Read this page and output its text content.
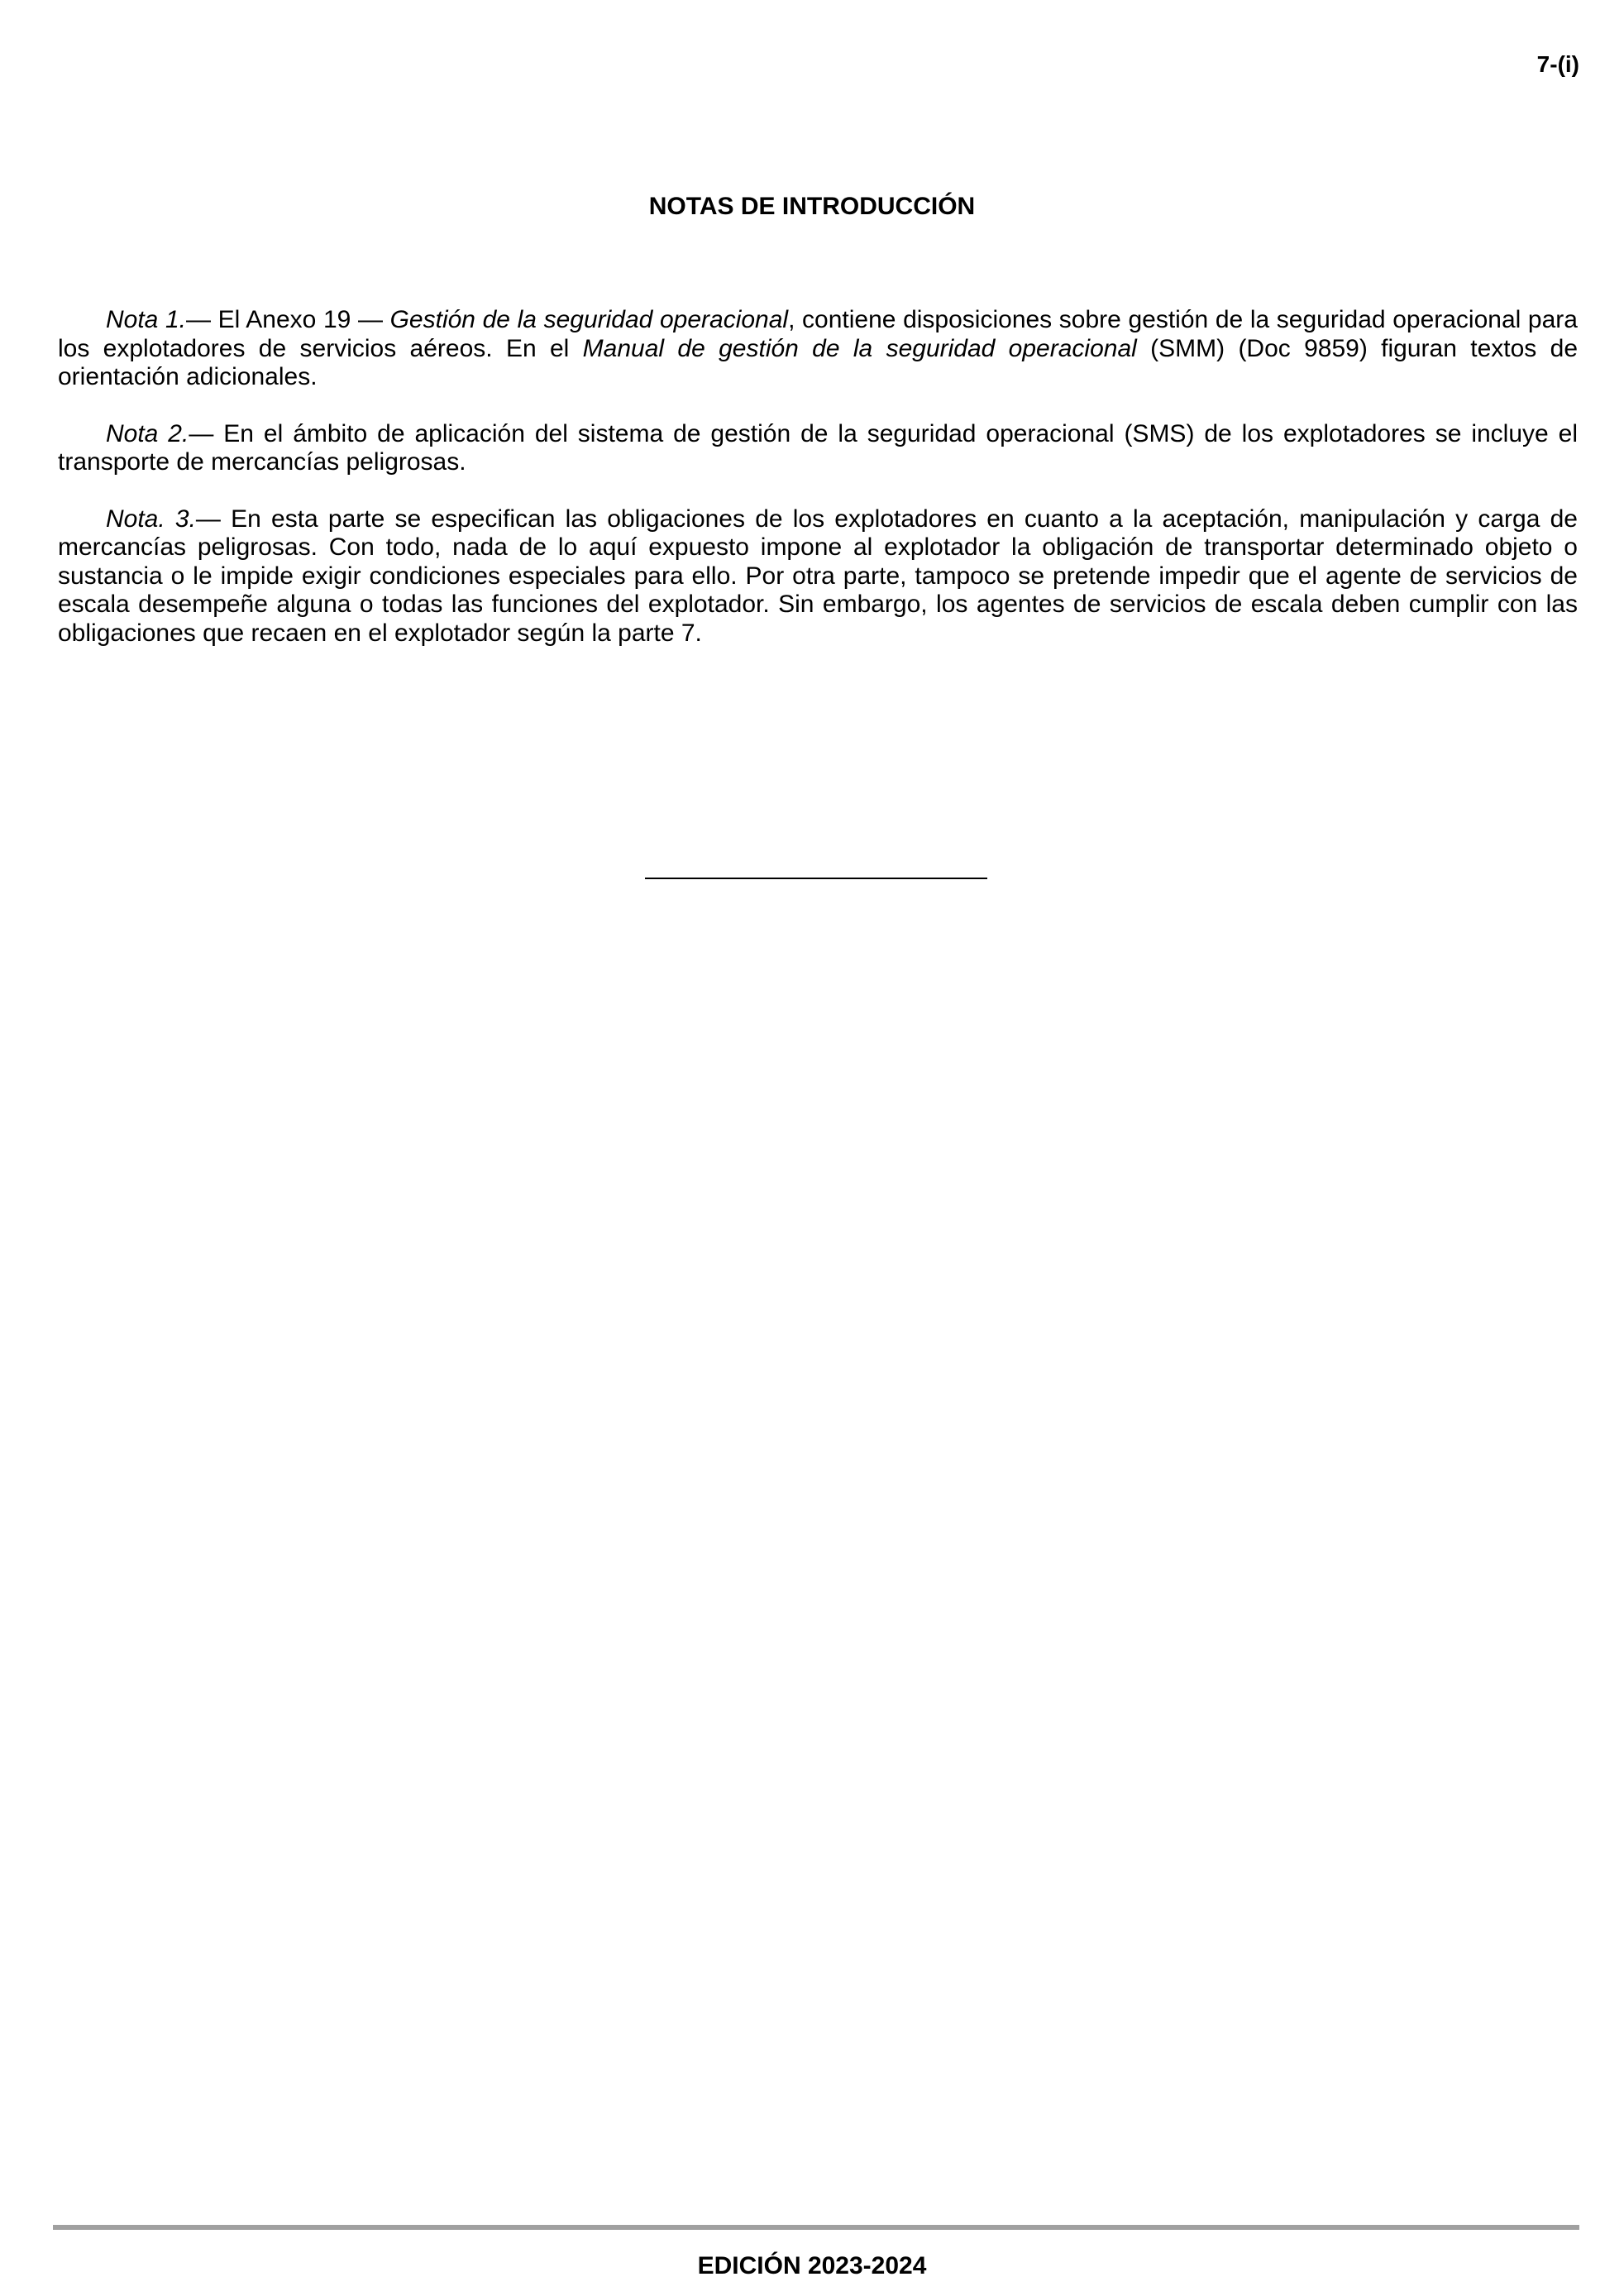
7-(i)
NOTAS DE INTRODUCCIÓN

Nota 1.— El Anexo 19 — Gestión de la seguridad operacional, contiene disposiciones sobre gestión de la seguridad operacional para los explotadores de servicios aéreos. En el Manual de gestión de la seguridad operacional (SMM) (Doc 9859) figuran textos de orientación adicionales.

Nota 2.— En el ámbito de aplicación del sistema de gestión de la seguridad operacional (SMS) de los explotadores se incluye el transporte de mercancías peligrosas.

Nota. 3.— En esta parte se especifican las obligaciones de los explotadores en cuanto a la aceptación, manipulación y carga de mercancías peligrosas. Con todo, nada de lo aquí expuesto impone al explotador la obligación de transportar determinado objeto o sustancia o le impide exigir condiciones especiales para ello. Por otra parte, tampoco se pretende impedir que el agente de servicios de escala desempeñe alguna o todas las funciones del explotador. Sin embargo, los agentes de servicios de escala deben cumplir con las obligaciones que recaen en el explotador según la parte 7.

EDICIÓN 2023-2024
